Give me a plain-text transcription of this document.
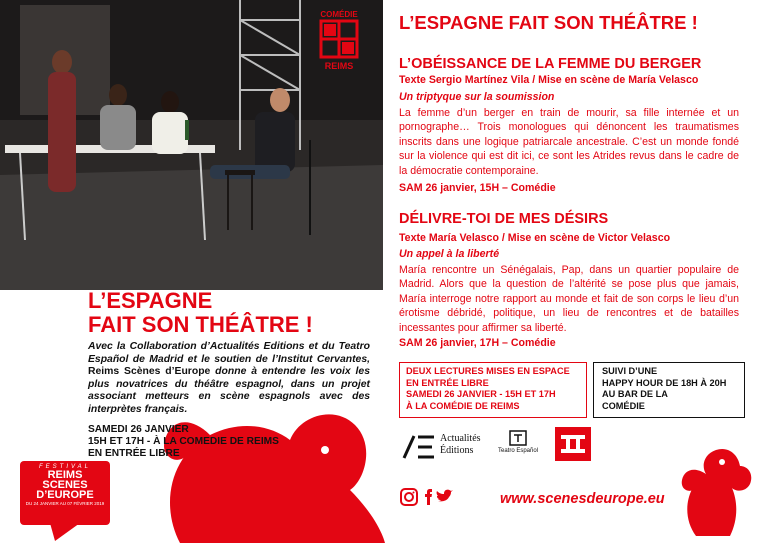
COMÉDIE
REIMS
L’ESPAGNE
FAIT SON THÉÂTRE !
Avec la Collaboration d’Actualités Editions et du Teatro Español de Madrid et le soutien de l’Institut Cervantes, Reims Scènes d’Europe donne à entendre les voix les plus novatrices du théâtre espagnol, dans un projet associant metteurs en scène espagnols avec des interprètes français.
SAMEDI 26 JANVIER
15H ET 17H - À LA COMEDIE DE REIMS
EN ENTRÉE LIBRE
FESTIVAL
REIMS
SCENES
D’EUROPE
DU 24 JANVIER AU 07 FÉVRIER 2019
L’ESPAGNE FAIT SON THÉÂTRE !
L’OBÉISSANCE DE LA FEMME DU BERGER
Texte Sergio Martínez Vila / Mise en scène de María Velasco
Un triptyque sur la soumission
La femme d’un berger en train de mourir, sa fille internée et un pornographe… Trois monologues qui dénoncent les traumatismes inscrits dans une logique patriarcale ancestrale. C’est un monde fondé sur la violence qui est dit ici, ce sont les Atrides revus dans le cadre de la démocratie contemporaine.
SAM 26 janvier, 15H – Comédie
DÉLIVRE-TOI DE MES DÉSIRS
Texte María Velasco / Mise en scène de Victor Velasco
Un appel à la liberté
María rencontre un Sénégalais, Pap, dans un quartier populaire de Madrid. Alors que la question de l’altérité se pose plus que jamais, María interroge notre rapport au monde et fait de son corps le lieu d’un érotisme débridé, politique, un lieu de rencontres et de batailles incessantes pour affirmer sa liberté.
SAM 26 janvier, 17H – Comédie
DEUX LECTURES MISES EN ESPACE
EN ENTRÉE LIBRE
SAMEDI 26 JANVIER - 15H ET 17H
À LA COMÉDIE DE REIMS
SUIVI D’UNE
HAPPY HOUR DE 18H À 20H
AU BAR DE LA
COMÉDIE
Actualités
Éditions	Teatro Español
www.scenesdeurope.eu
